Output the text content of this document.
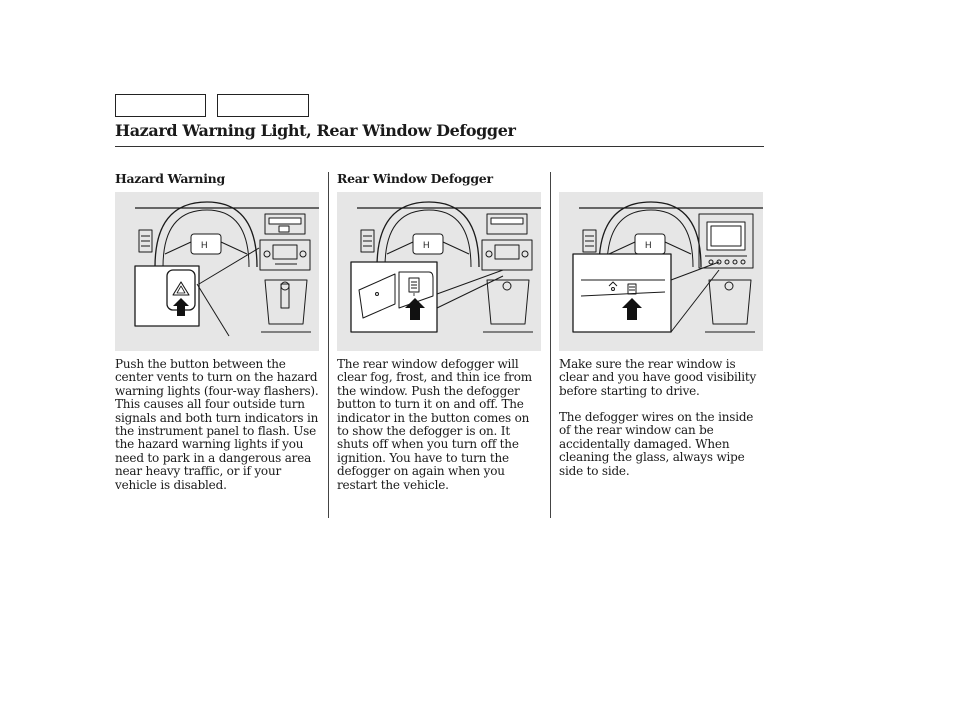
Hazard Warning Light, Rear Window Defogger
Hazard Warning	Rear Window Defogger
H	H	H

Push the button between the center vents to turn on the hazard warning lights (four-way flashers). This causes all four outside turn signals and both turn indicators in the instrument panel to flash. Use the hazard warning lights if you need to park in a dangerous area near heavy traffic, or if your vehicle is disabled.

The rear window defogger will clear fog, frost, and thin ice from the window. Push the defogger button to turn it on and off. The indicator in the button comes on to show the defogger is on. It shuts off when you turn off the ignition. You have to turn the defogger on again when you restart the vehicle.

Make sure the rear window is clear and you have good visibility before starting to drive.

The defogger wires on the inside of the rear window can be accidentally damaged. When cleaning the glass, always wipe side to side.
